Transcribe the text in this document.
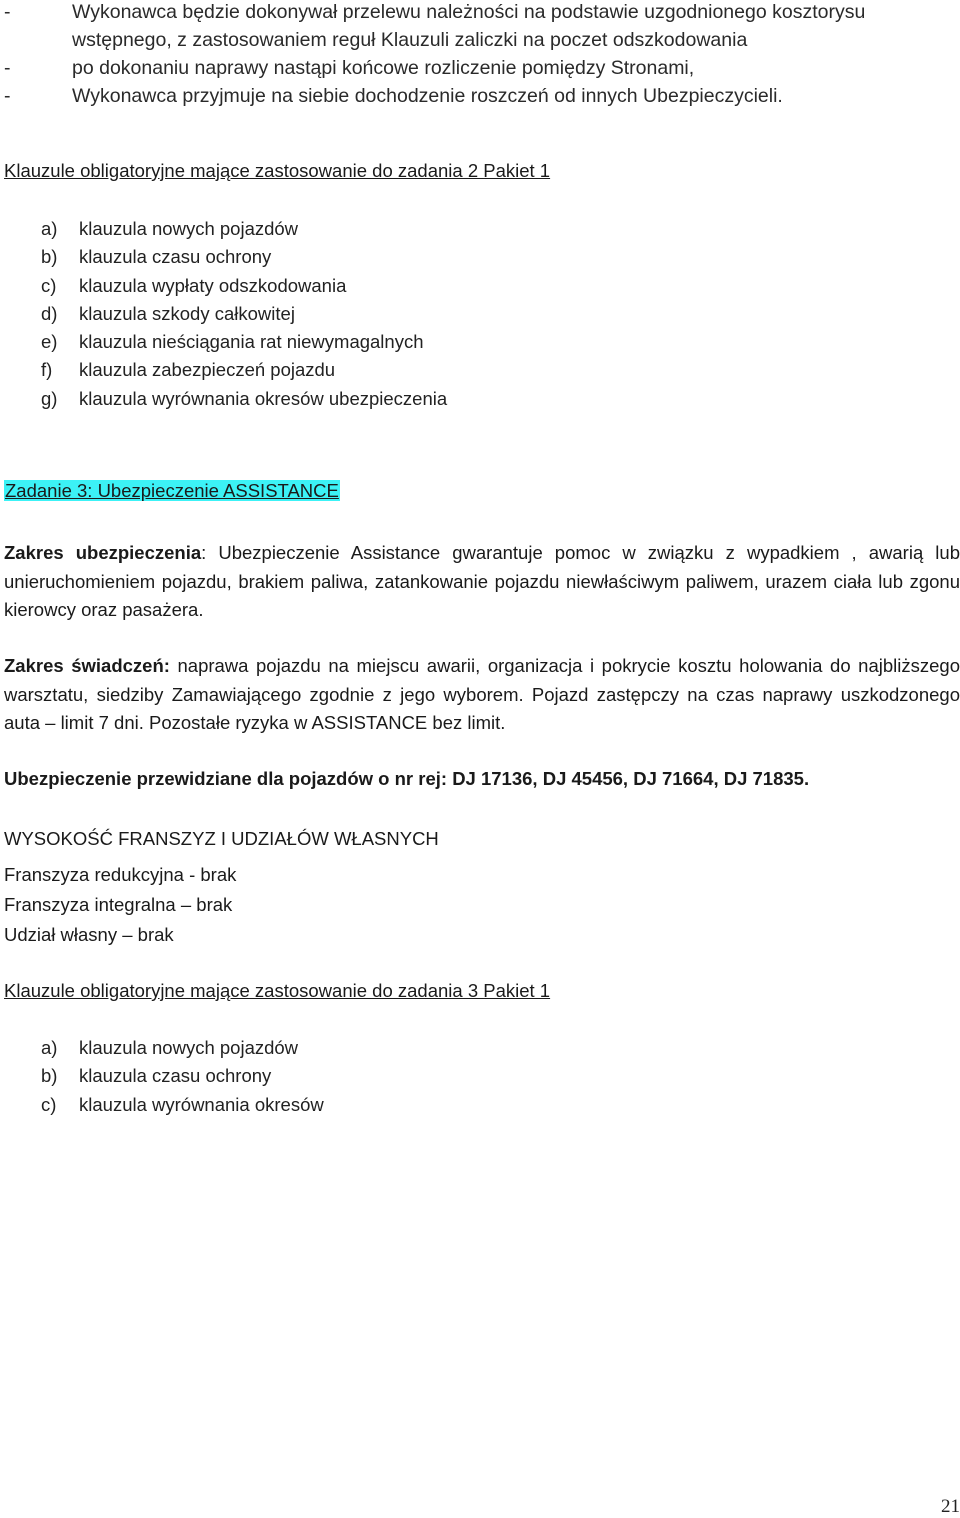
-	Wykonawca będzie dokonywał przelewu należności na podstawie uzgodnionego kosztorysu wstępnego, z zastosowaniem reguł Klauzuli zaliczki na poczet odszkodowania
-	po dokonaniu naprawy nastąpi końcowe rozliczenie pomiędzy Stronami,
-	Wykonawca przyjmuje na siebie dochodzenie roszczeń od innych Ubezpieczycieli.
Klauzule obligatoryjne mające zastosowanie do zadania 2 Pakiet 1
a)	klauzula nowych pojazdów
b)	klauzula czasu ochrony
c)	klauzula wypłaty odszkodowania
d)	klauzula szkody całkowitej
e)	klauzula nieściągania rat niewymagalnych
f)	klauzula zabezpieczeń pojazdu
g)	klauzula wyrównania okresów ubezpieczenia
Zadanie 3: Ubezpieczenie ASSISTANCE
Zakres ubezpieczenia: Ubezpieczenie Assistance gwarantuje pomoc w związku z wypadkiem , awarią lub unieruchomieniem pojazdu, brakiem paliwa, zatankowanie pojazdu niewłaściwym paliwem, urazem ciała lub zgonu kierowcy oraz pasażera.
Zakres świadczeń: naprawa pojazdu na miejscu awarii, organizacja i pokrycie kosztu holowania do najbliższego warsztatu, siedziby Zamawiającego zgodnie z jego wyborem. Pojazd zastępczy na czas naprawy uszkodzonego auta – limit 7 dni. Pozostałe ryzyka w ASSISTANCE bez limit.
Ubezpieczenie przewidziane dla pojazdów o nr rej: DJ 17136, DJ 45456, DJ 71664, DJ 71835.
WYSOKOŚĆ FRANSZYZ I UDZIAŁÓW WŁASNYCH
Franszyza redukcyjna - brak
Franszyza integralna – brak
Udział własny – brak
Klauzule obligatoryjne mające zastosowanie do zadania 3 Pakiet 1
a)	klauzula nowych pojazdów
b)	klauzula czasu ochrony
c)	klauzula wyrównania okresów
21
